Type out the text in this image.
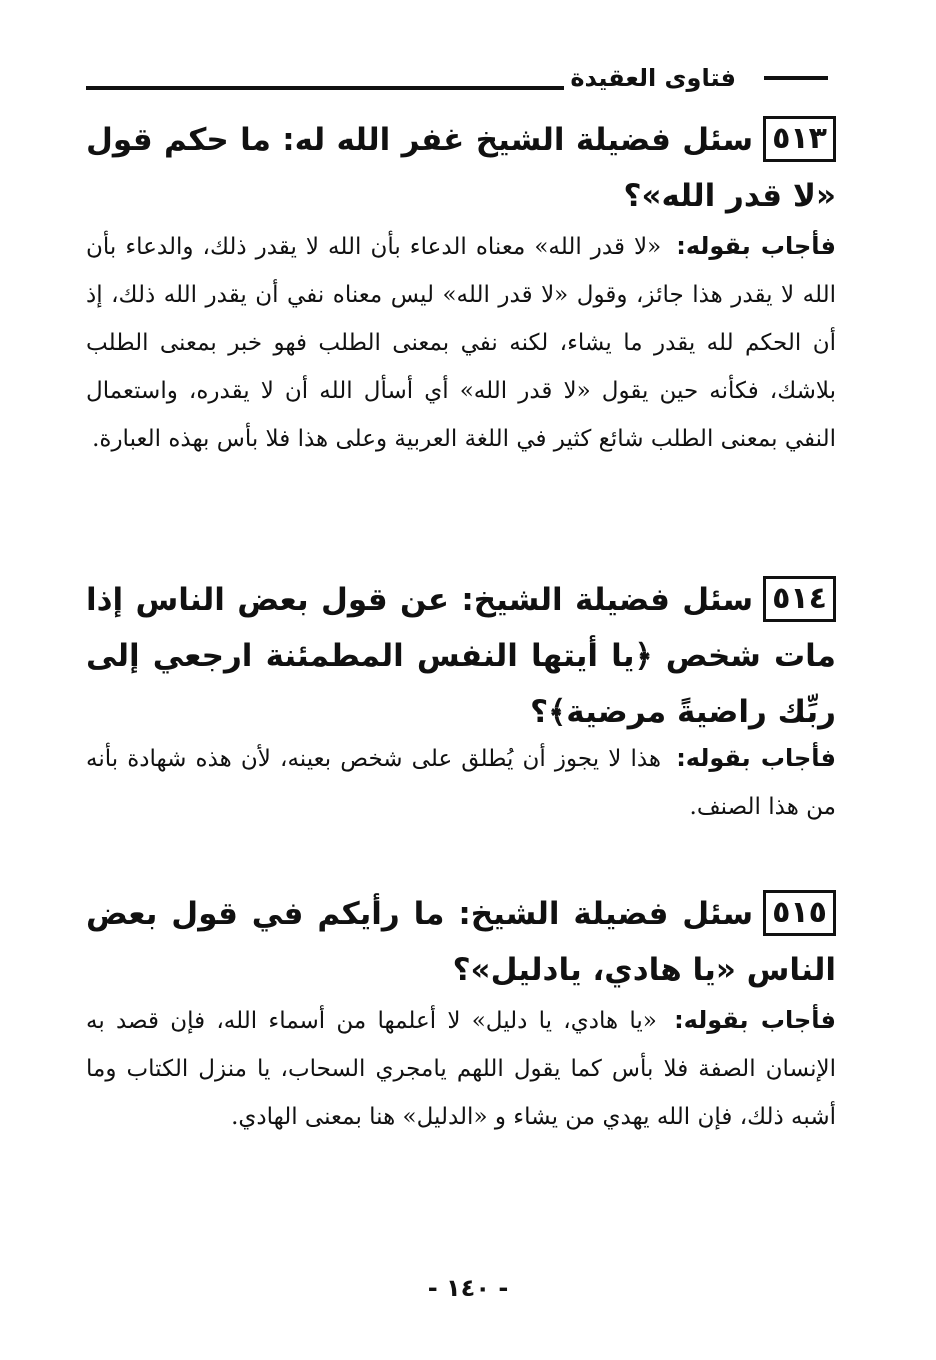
فتاوى العقيدة
٥١٣سئل فضيلة الشيخ غفر الله له: ما حكم قول «لا قدر الله»؟
فأجاب بقوله: «لا قدر الله» معناه الدعاء بأن الله لا يقدر ذلك، والدعاء بأن الله لا يقدر هذا جائز، وقول «لا قدر الله» ليس معناه نفي أن يقدر الله ذلك، إذ أن الحكم لله يقدر ما يشاء، لكنه نفي بمعنى الطلب فهو خبر بمعنى الطلب بلاشك، فكأنه حين يقول «لا قدر الله» أي أسأل الله أن لا يقدره، واستعمال النفي بمعنى الطلب شائع كثير في اللغة العربية وعلى هذا فلا بأس بهذه العبارة.
٥١٤سئل فضيلة الشيخ: عن قول بعض الناس إذا مات شخص ﴿يا أيتها النفس المطمئنة ارجعي إلى ربِّك راضيةً مرضية﴾؟
فأجاب بقوله: هذا لا يجوز أن يُطلق على شخص بعينه، لأن هذه شهادة بأنه من هذا الصنف.
٥١٥سئل فضيلة الشيخ: ما رأيكم في قول بعض الناس «يا هادي، يادليل»؟
فأجاب بقوله: «يا هادي، يا دليل» لا أعلمها من أسماء الله، فإن قصد به الإنسان الصفة فلا بأس كما يقول اللهم يامجري السحاب، يا منزل الكتاب وما أشبه ذلك، فإن الله يهدي من يشاء و «الدليل» هنا بمعنى الهادي.
- ١٤٠ -
